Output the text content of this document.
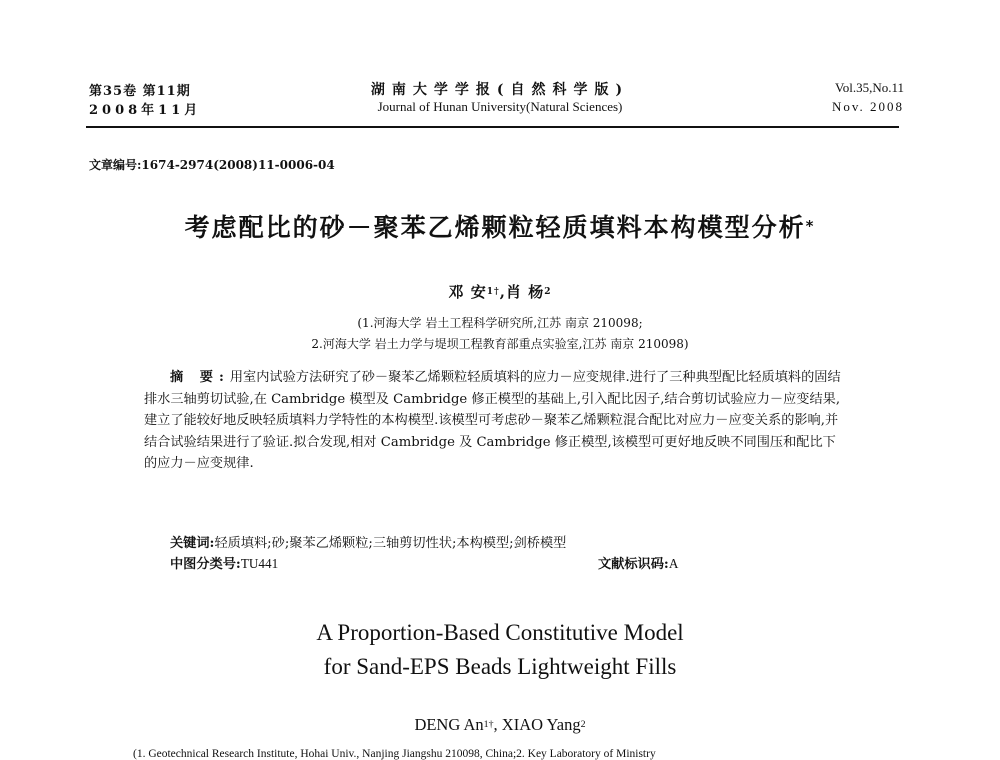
第35卷 第11期
2008年11月
湖南大学学报(自然科学版)
Journal of Hunan University(Natural Sciences)
Vol.35,No.11
Nov. 2008
文章编号:1674-2974(2008)11-0006-04
考虑配比的砂－聚苯乙烯颗粒轻质填料本构模型分析*
邓 安$^{1\dagger}$,肖 杨$^2$
(1.河海大学 岩土工程科学研究所,江苏 南京 210098;
2.河海大学 岩土力学与堤坝工程教育部重点实验室,江苏 南京 210098)
摘 要:用室内试验方法研究了砂－聚苯乙烯颗粒轻质填料的应力－应变规律.进行了三种典型配比轻质填料的固结排水三轴剪切试验,在 Cambridge 模型及 Cambridge 修正模型的基础上,引入配比因子,结合剪切试验应力－应变结果,建立了能较好地反映轻质填料力学特性的本构模型.该模型可考虑砂－聚苯乙烯颗粒混合配比对应力－应变关系的影响,并结合试验结果进行了验证.拟合发现,相对 Cambridge 及 Cambridge 修正模型,该模型可更好地反映不同围压和配比下的应力－应变规律.
关键词:轻质填料;砂;聚苯乙烯颗粒;三轴剪切性状;本构模型;剑桥模型
中图分类号:TU441	文献标识码:A
A Proportion-Based Constitutive Model
for Sand-EPS Beads Lightweight Fills
DENG $An^{1\dagger}$, XIAO Yang$^2$
(1. Geotechnical Research Institute, Hohai Univ., Nanjing Jiangshu 210098, China;2. Key Laboratory of Ministry
